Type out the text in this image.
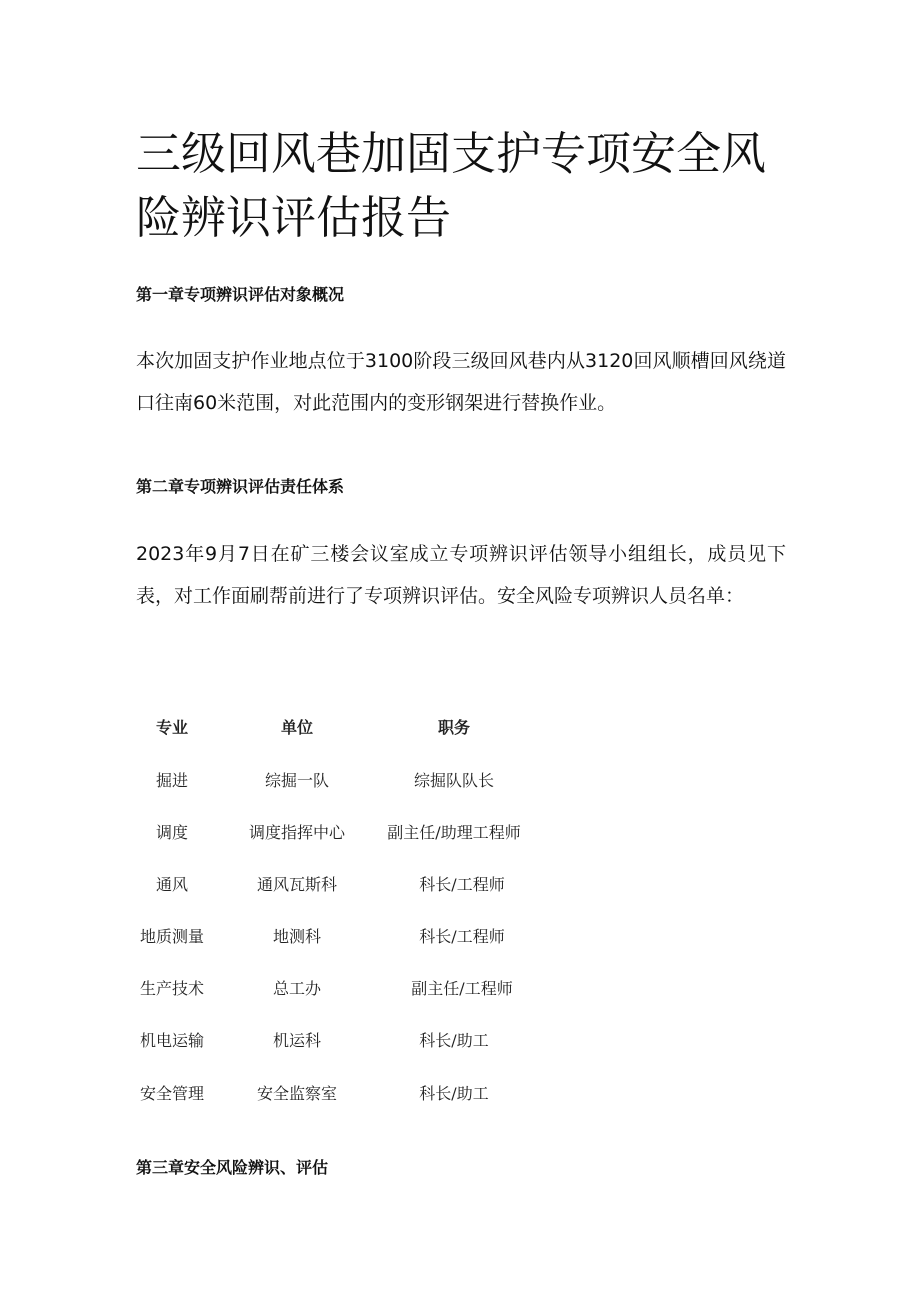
三级回风巷加固支护专项安全风险辨识评估报告

第一章专项辨识评估对象概况

本次加固支护作业地点位于3100阶段三级回风巷内从3120回风顺槽回风绕道口往南60米范围，对此范围内的变形钢架进行替换作业。

第二章专项辨识评估责任体系

2023年9月7日在矿三楼会议室成立专项辨识评估领导小组组长，成员见下表，对工作面刷帮前进行了专项辨识评估。安全风险专项辨识人员名单：

专业	单位	职务
掘进	综掘一队	综掘队队长
调度	调度指挥中心	副主任/助理工程师
通风	通风瓦斯科	科长/工程师
地质测量	地测科	科长/工程师
生产技术	总工办	副主任/工程师
机电运输	机运科	科长/助工
安全管理	安全监察室	科长/助工

第三章安全风险辨识、评估
